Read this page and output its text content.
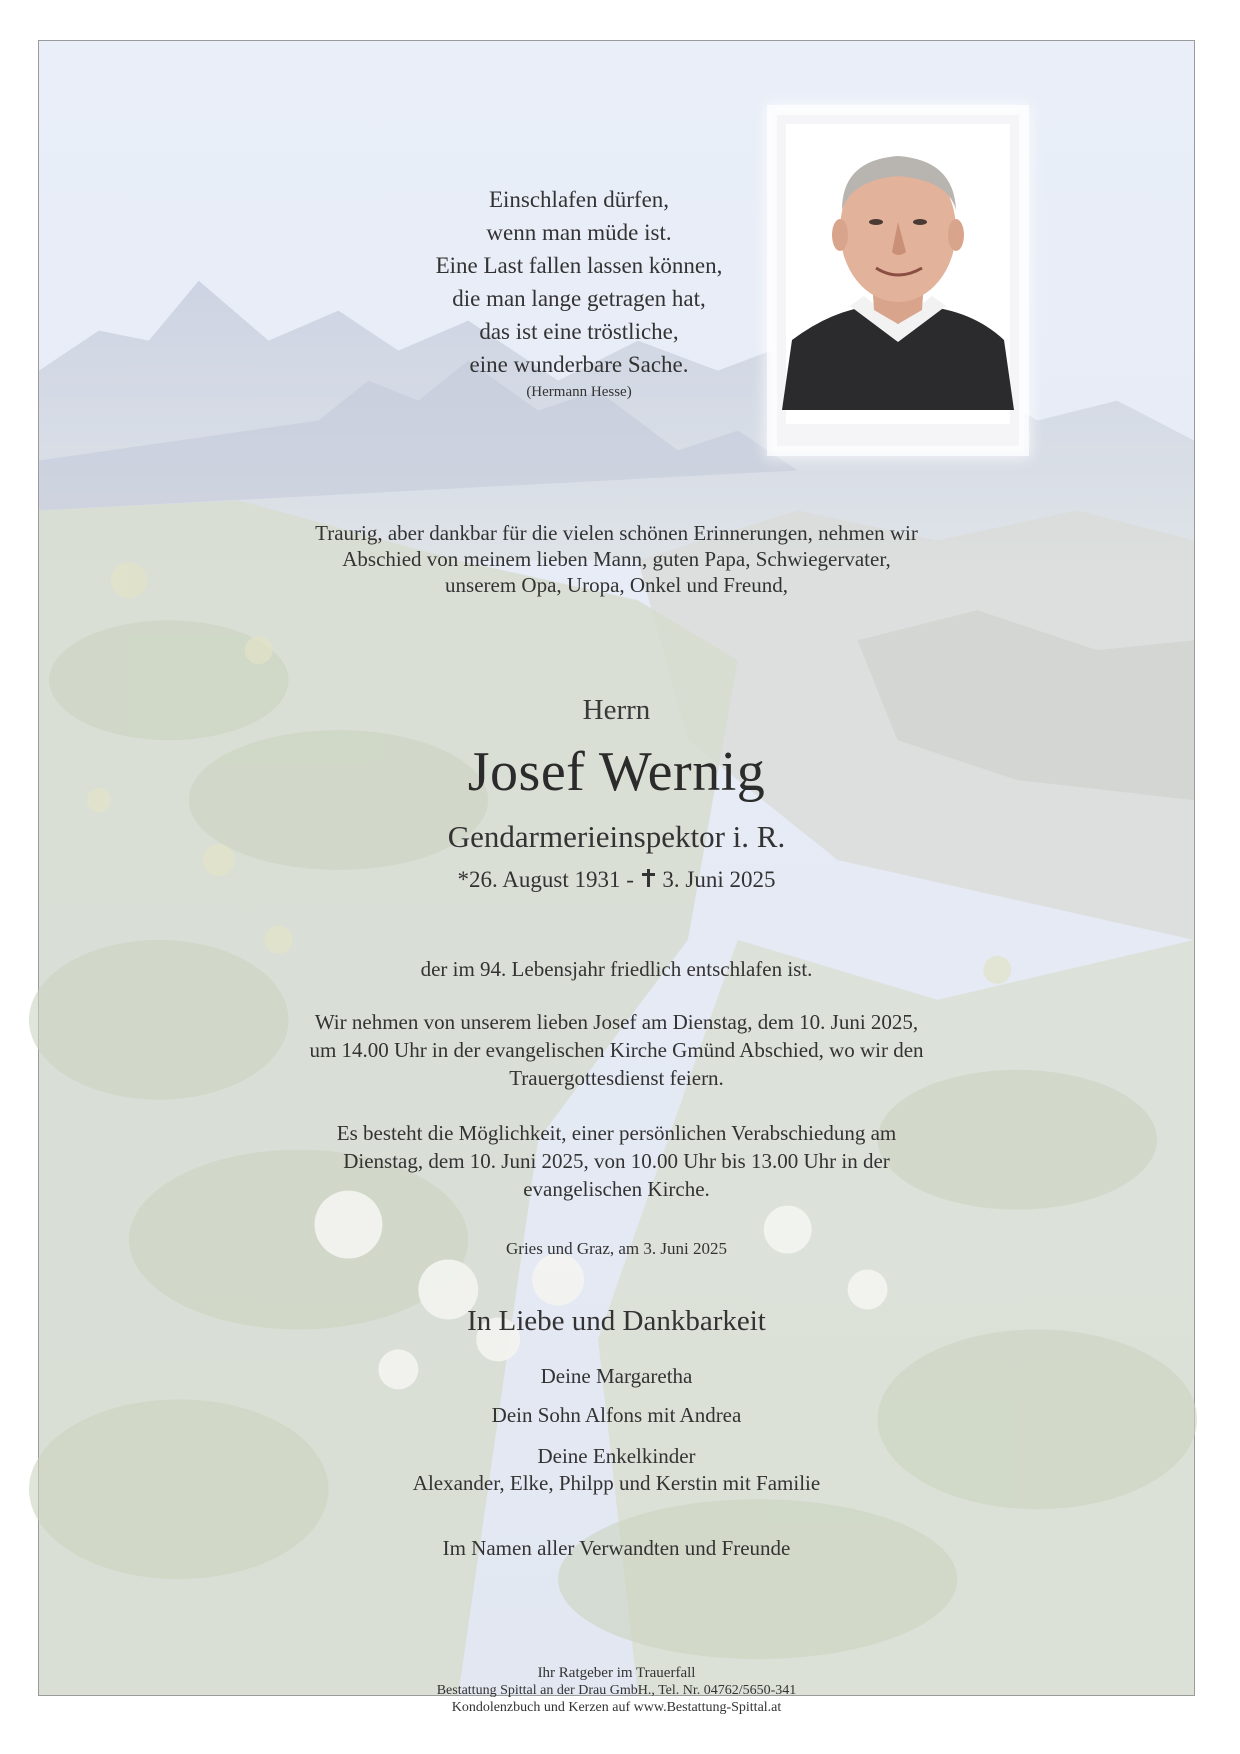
Einschlafen dürfen,
wenn man müde ist.
Eine Last fallen lassen können,
die man lange getragen hat,
das ist eine tröstliche,
eine wunderbare Sache.
(Hermann Hesse)
Traurig, aber dankbar für die vielen schönen Erinnerungen, nehmen wir
Abschied von meinem lieben Mann, guten Papa, Schwiegervater,
unserem Opa, Uropa, Onkel und Freund,
Herrn
Josef Wernig
Gendarmerieinspektor i. R.
*26. August 1931 - 3. Juni 2025
der im 94. Lebensjahr friedlich entschlafen ist.
Wir nehmen von unserem lieben Josef am Dienstag, dem 10. Juni 2025,
um 14.00 Uhr in der evangelischen Kirche Gmünd Abschied, wo wir den
Trauergottesdienst feiern.
Es besteht die Möglichkeit, einer persönlichen Verabschiedung am
Dienstag, dem 10. Juni 2025, von 10.00 Uhr bis 13.00 Uhr in der
evangelischen Kirche.
Gries und Graz, am 3. Juni 2025
In Liebe und Dankbarkeit
Deine Margaretha
Dein Sohn Alfons mit Andrea
Deine Enkelkinder
Alexander, Elke, Philpp und Kerstin mit Familie
Im Namen aller Verwandten und Freunde
Ihr Ratgeber im Trauerfall
Bestattung Spittal an der Drau GmbH., Tel. Nr. 04762/5650-341
Kondolenzbuch und Kerzen auf www.Bestattung-Spittal.at
